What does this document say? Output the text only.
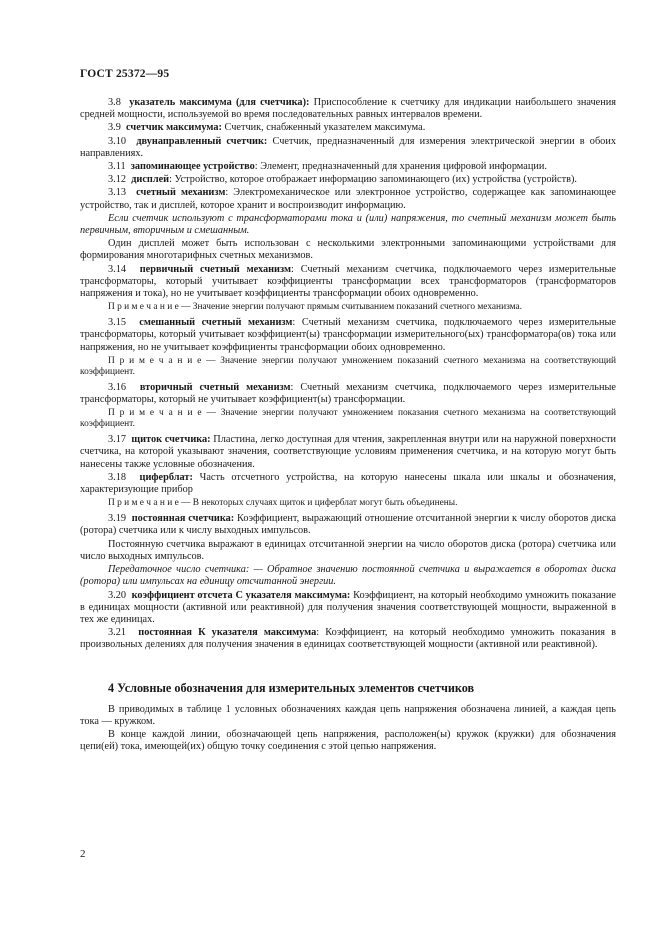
ГОСТ 25372—95

3.8 указатель максимума (для счетчика): Приспособление к счетчику для индикации наибольшего значения средней мощности, используемой во время последовательных равных интервалов времени.

3.9 счетчик максимума: Счетчик, снабженный указателем максимума.

3.10 двунаправленный счетчик: Счетчик, предназначенный для измерения электрической энергии в обоих направлениях.

3.11 запоминающее устройство: Элемент, предназначенный для хранения цифровой информации.

3.12 дисплей: Устройство, которое отображает информацию запоминающего (их) устройства (устройств).

3.13 счетный механизм: Электромеханическое или электронное устройство, содержащее как запоминающее устройство, так и дисплей, которое хранит и воспроизводит информацию.

Если счетчик используют с трансформаторами тока и (или) напряжения, то счетный механизм может быть первичным, вторичным и смешанным.

Один дисплей может быть использован с несколькими электронными запоминающими устройствами для формирования многотарифных счетных механизмов.

3.14 первичный счетный механизм: Счетный механизм счетчика, подключаемого через измерительные трансформаторы, который учитывает коэффициенты трансформации всех трансформаторов (трансформаторов напряжения и тока), но не учитывает коэффициенты трансформации обоих одновременно.

П р и м е ч а н и е — Значение энергии получают прямым считыванием показаний счетного механизма.

3.15 смешанный счетный механизм: Счетный механизм счетчика, подключаемого через измерительные трансформаторы, который учитывает коэффициент(ы) трансформации измерительного(ых) трансформатора(ов) тока или напряжения, но не учитывает коэффициенты трансформации обоих одновременно.

П р и м е ч а н и е — Значение энергии получают умножением показаний счетного механизма на соответствующий коэффициент.

3.16 вторичный счетный механизм: Счетный механизм счетчика, подключаемого через измерительные трансформаторы, который не учитывает коэффициент(ы) трансформации.

П р и м е ч а н и е — Значение энергии получают умножением показания счетного механизма на соответствующий коэффициент.

3.17 щиток счетчика: Пластина, легко доступная для чтения, закрепленная внутри или на наружной поверхности счетчика, на которой указывают значения, соответствующие условиям применения счетчика, и на которую могут быть нанесены также условные обозначения.

3.18 циферблат: Часть отсчетного устройства, на которую нанесены шкала или шкалы и обозначения, характеризующие прибор

П р и м е ч а н и е — В некоторых случаях щиток и циферблат могут быть объединены.

3.19 постоянная счетчика: Коэффициент, выражающий отношение отсчитанной энергии к числу оборотов диска (ротора) счетчика или к числу выходных импульсов.

Постоянную счетчика выражают в единицах отсчитанной энергии на число оборотов диска (ротора) счетчика или число выходных импульсов.

Передаточное число счетчика: — Обратное значению постоянной счетчика и выражается в оборотах диска (ротора) или импульсах на единицу отсчитанной энергии.

3.20 коэффициент отсчета С указателя максимума: Коэффициент, на который необходимо умножить показание в единицах мощности (активной или реактивной) для получения значения соответствующей мощности, выраженной в тех же единицах.

3.21 постоянная К указателя максимума: Коэффициент, на который необходимо умножить показания в произвольных делениях для получения значения в единицах соответствующей мощности (активной или реактивной).

4 Условные обозначения для измерительных элементов счетчиков

В приводимых в таблице 1 условных обозначениях каждая цепь напряжения обозначена линией, а каждая цепь тока — кружком.

В конце каждой линии, обозначающей цепь напряжения, расположен(ы) кружок (кружки) для обозначения цепи(ей) тока, имеющей(их) общую точку соединения с этой цепью напряжения.

2
